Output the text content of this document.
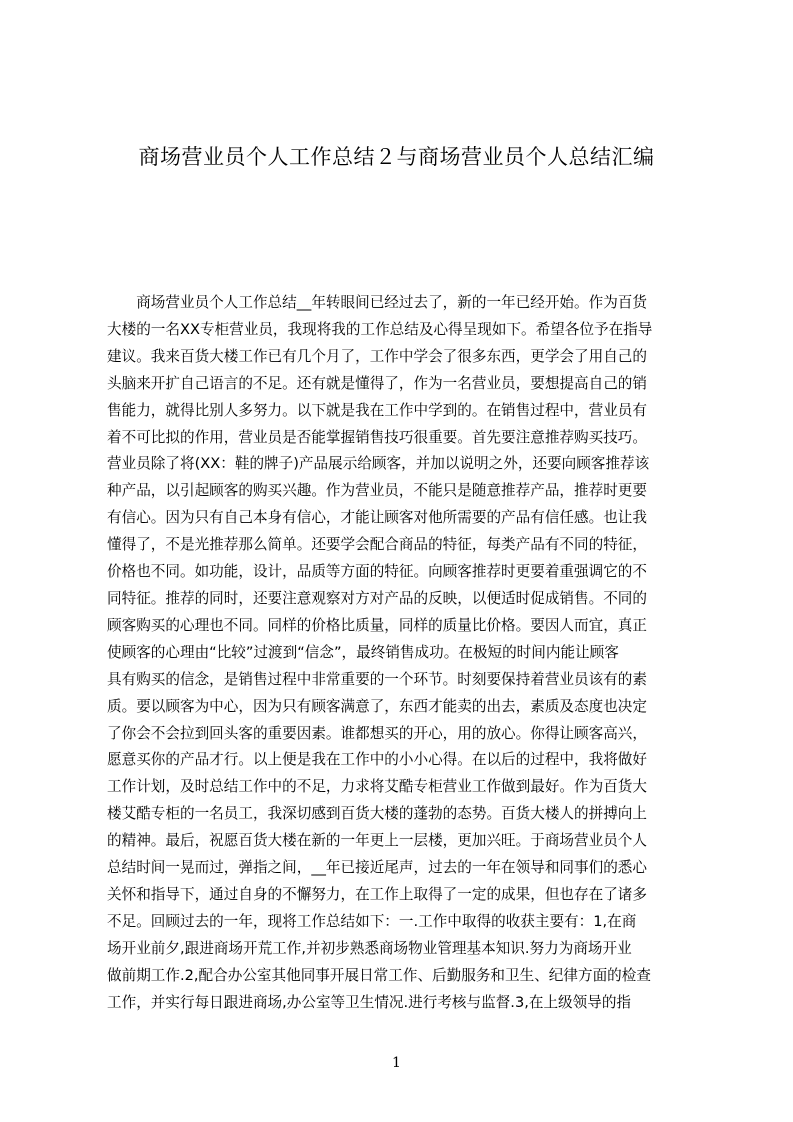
商场营业员个人工作总结２与商场营业员个人总结汇编
　　商场营业员个人工作总结__年转眼间已经过去了，新的一年已经开始。作为百货
大楼的一名XX专柜营业员，我现将我的工作总结及心得呈现如下。希望各位予在指导
建议。我来百货大楼工作已有几个月了，工作中学会了很多东西，更学会了用自己的
头脑来开扩自己语言的不足。还有就是懂得了，作为一名营业员，要想提高自己的销
售能力，就得比别人多努力。以下就是我在工作中学到的。在销售过程中，营业员有
着不可比拟的作用，营业员是否能掌握销售技巧很重要。首先要注意推荐购买技巧。
营业员除了将(XX：鞋的牌子)产品展示给顾客，并加以说明之外，还要向顾客推荐该
种产品，以引起顾客的购买兴趣。作为营业员，不能只是随意推荐产品，推荐时更要
有信心。因为只有自己本身有信心，才能让顾客对他所需要的产品有信任感。也让我
懂得了，不是光推荐那么简单。还要学会配合商品的特征，每类产品有不同的特征，
价格也不同。如功能，设计，品质等方面的特征。向顾客推荐时更要着重强调它的不
同特征。推荐的同时，还要注意观察对方对产品的反映，以便适时促成销售。不同的
顾客购买的心理也不同。同样的价格比质量，同样的质量比价格。要因人而宜，真正
使顾客的心理由“比较”过渡到“信念”，最终销售成功。在极短的时间内能让顾客
具有购买的信念，是销售过程中非常重要的一个环节。时刻要保持着营业员该有的素
质。要以顾客为中心，因为只有顾客满意了，东西才能卖的出去，素质及态度也决定
了你会不会拉到回头客的重要因素。谁都想买的开心，用的放心。你得让顾客高兴，
愿意买你的产品才行。以上便是我在工作中的小小心得。在以后的过程中，我将做好
工作计划，及时总结工作中的不足，力求将艾酷专柜营业工作做到最好。作为百货大
楼艾酷专柜的一名员工，我深切感到百货大楼的蓬勃的态势。百货大楼人的拼搏向上
的精神。最后，祝愿百货大楼在新的一年更上一层楼，更加兴旺。于商场营业员个人
总结时间一晃而过，弹指之间，__年已接近尾声，过去的一年在领导和同事们的悉心
关怀和指导下，通过自身的不懈努力，在工作上取得了一定的成果，但也存在了诸多
不足。回顾过去的一年，现将工作总结如下：一.工作中取得的收获主要有：1,在商
场开业前夕,跟进商场开荒工作,并初步熟悉商场物业管理基本知识.努力为商场开业
做前期工作.2,配合办公室其他同事开展日常工作、后勤服务和卫生、纪律方面的检查
工作，并实行每日跟进商场,办公室等卫生情况.进行考核与监督.3,在上级领导的指
1
